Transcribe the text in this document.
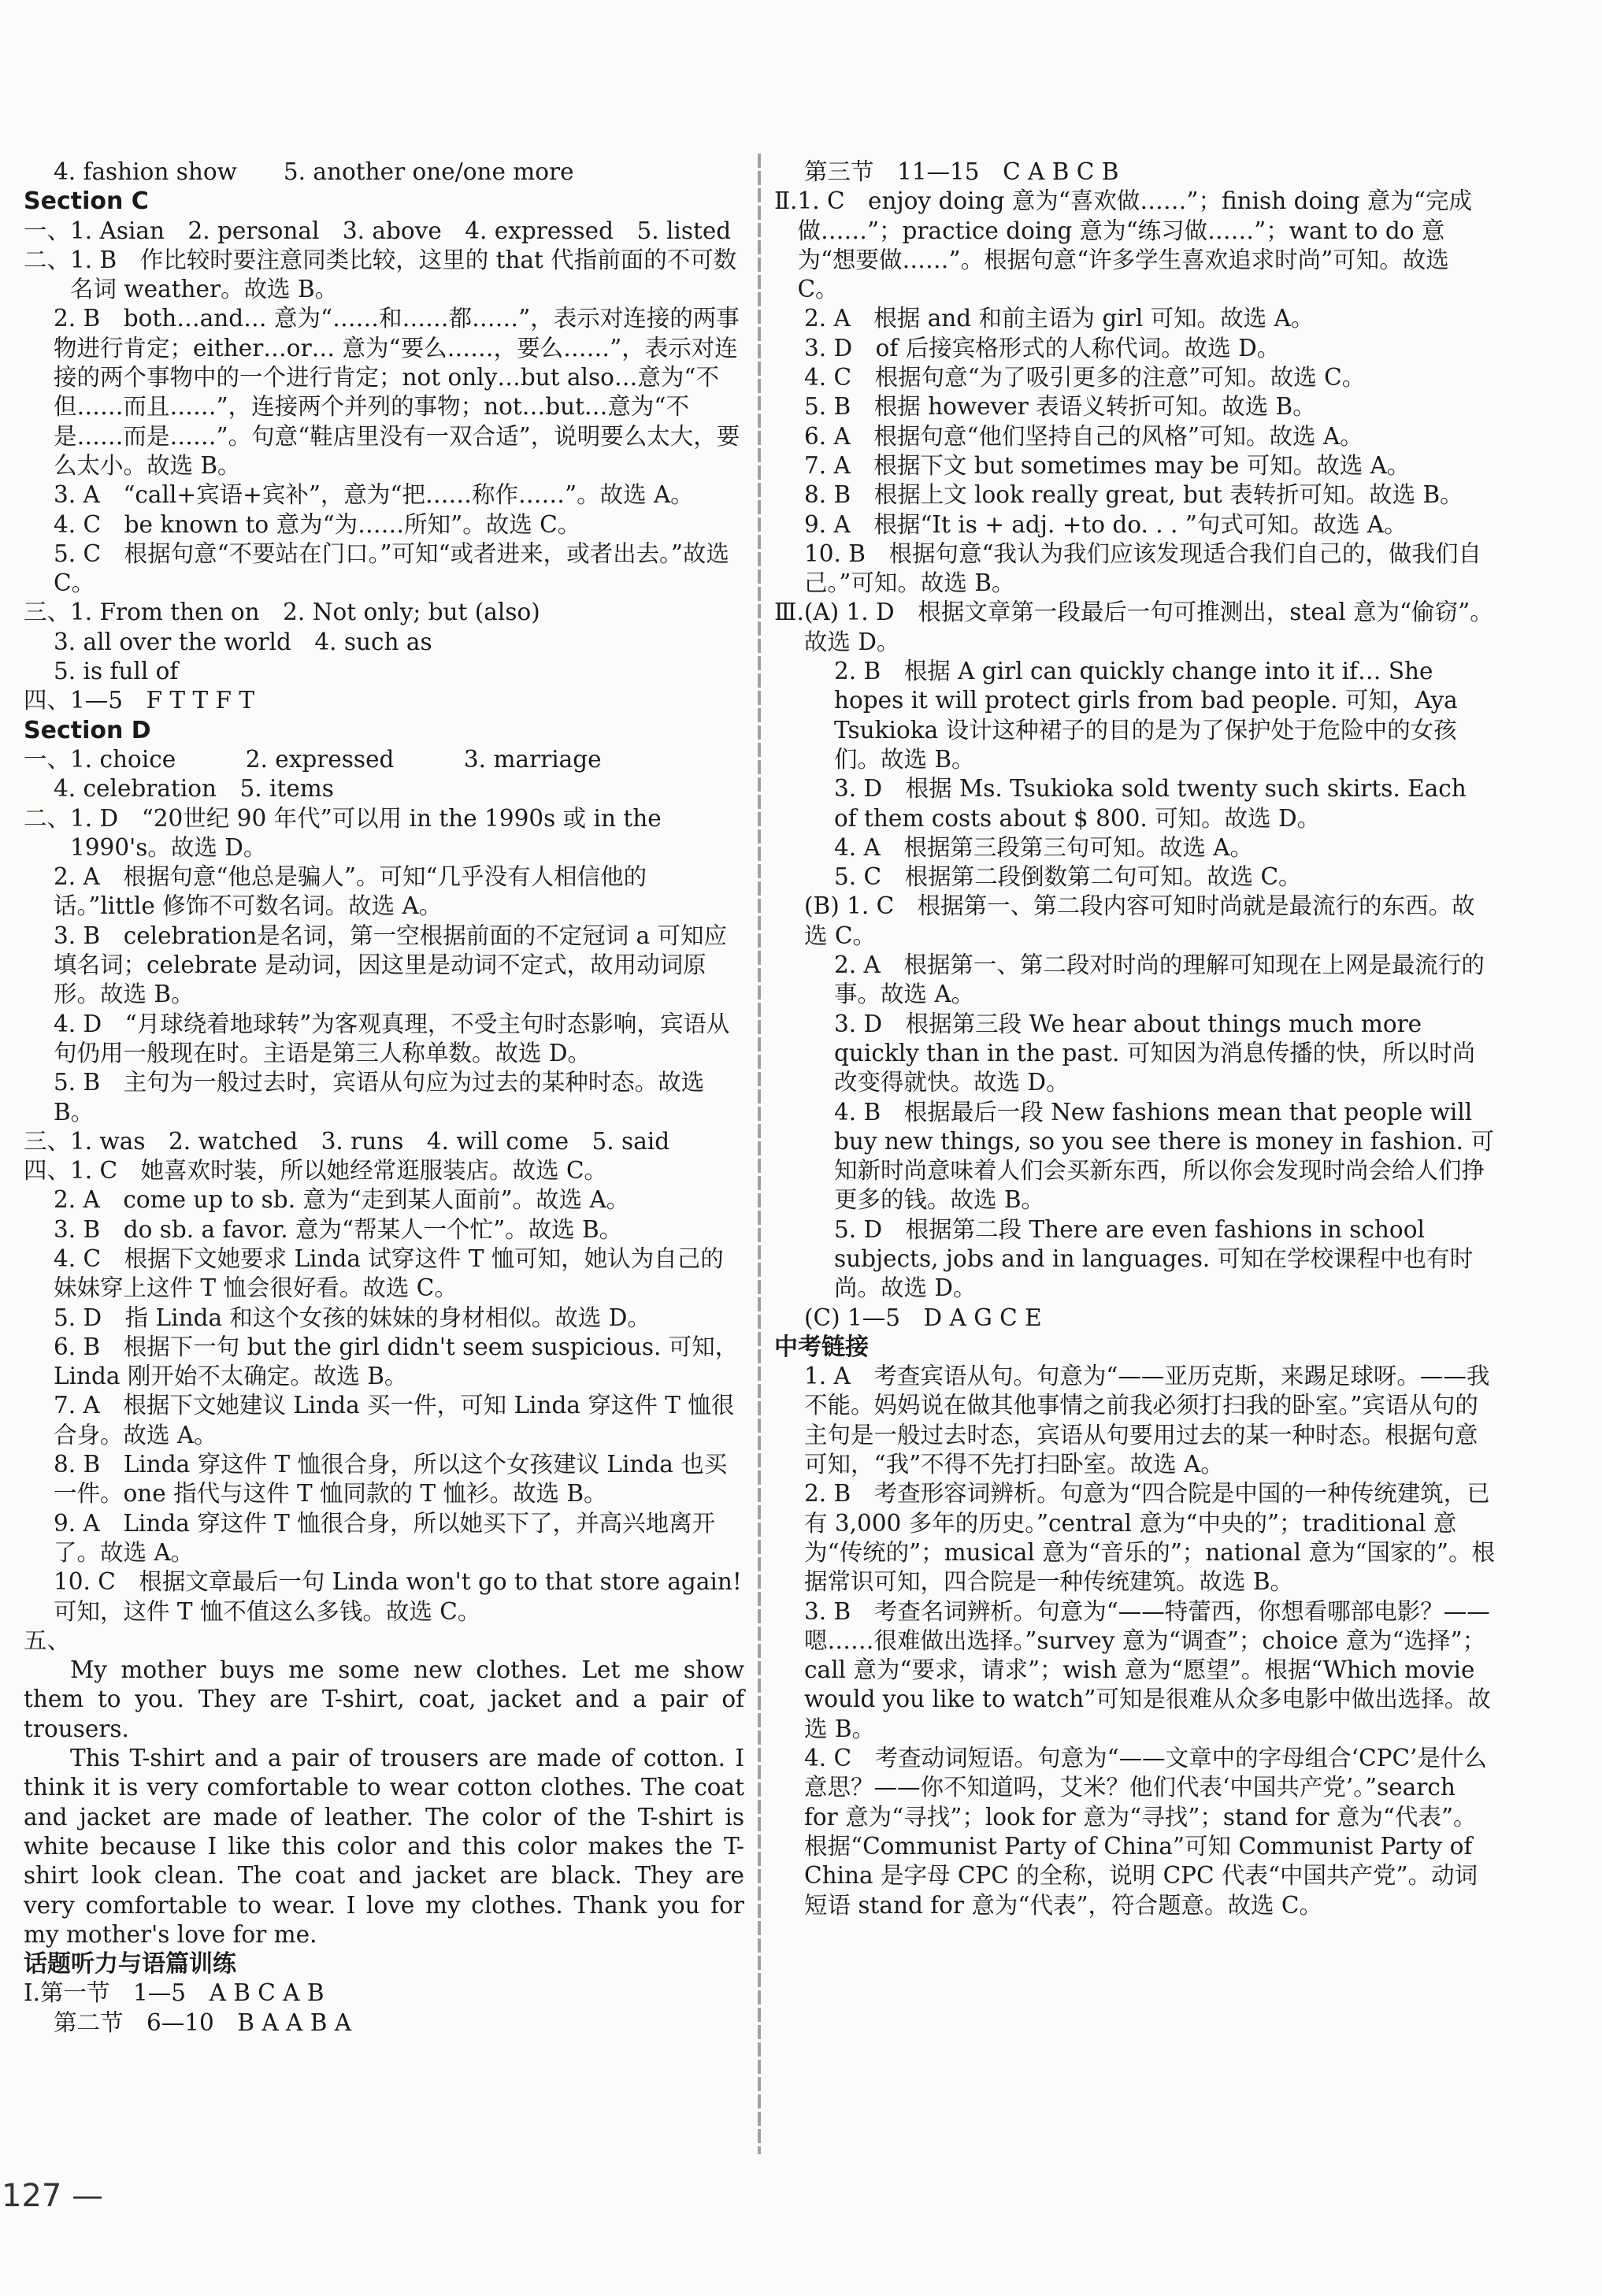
4. fashion show　　5. another one/one more
Section C
一、 1. Asian　2. personal　3. above　4. expressed　5. listed
二、 1. B　作比较时要注意同类比较，这里的 that 代指前面的不可数名词 weather。故选 B。
2. B　both…and… 意为“……和……都……”，表示对连接的两事物进行肯定；either…or… 意为“要么……，要么……”，表示对连接的两个事物中的一个进行肯定；not only…but also…意为“不但……而且……”，连接两个并列的事物；not…but…意为“不是……而是……”。句意“鞋店里没有一双合适”，说明要么太大，要么太小。故选 B。
3. A　“call+宾语+宾补”，意为“把……称作……”。故选 A。
4. C　be known to 意为“为……所知”。故选 C。
5. C　根据句意“不要站在门口。”可知“或者进来，或者出去。”故选 C。
三、 1. From then on　2. Not only; but (also)
3. all over the world　4. such as
5. is full of
四、 1—5　F T T F T
Section D
一、 1. choice　　　2. expressed　　　3. marriage
4. celebration　5. items
二、 1. D　“20世纪 90 年代”可以用 in the 1990s 或 in the 1990's。故选 D。
2. A　根据句意“他总是骗人”。可知“几乎没有人相信他的话。”little 修饰不可数名词。故选 A。
3. B　celebration是名词，第一空根据前面的不定冠词 a 可知应填名词；celebrate 是动词，因这里是动词不定式，故用动词原形。故选 B。
4. D　“月球绕着地球转”为客观真理，不受主句时态影响，宾语从句仍用一般现在时。主语是第三人称单数。故选 D。
5. B　主句为一般过去时，宾语从句应为过去的某种时态。故选 B。
三、 1. was　2. watched　3. runs　4. will come　5. said
四、 1. C　她喜欢时装，所以她经常逛服装店。故选 C。
2. A　come up to sb. 意为“走到某人面前”。故选 A。
3. B　do sb. a favor. 意为“帮某人一个忙”。故选 B。
4. C　根据下文她要求 Linda 试穿这件 T 恤可知，她认为自己的妹妹穿上这件 T 恤会很好看。故选 C。
5. D　指 Linda 和这个女孩的妹妹的身材相似。故选 D。
6. B　根据下一句 but the girl didn't seem suspicious. 可知，Linda 刚开始不太确定。故选 B。
7. A　根据下文她建议 Linda 买一件，可知 Linda 穿这件 T 恤很合身。故选 A。
8. B　Linda 穿这件 T 恤很合身，所以这个女孩建议 Linda 也买一件。one 指代与这件 T 恤同款的 T 恤衫。故选 B。
9. A　Linda 穿这件 T 恤很合身，所以她买下了，并高兴地离开了。故选 A。
10. C　根据文章最后一句 Linda won't go to that store again! 可知，这件 T 恤不值这么多钱。故选 C。
五、
My mother buys me some new clothes. Let me show them to you. They are T-shirt, coat, jacket and a pair of trousers.
This T-shirt and a pair of trousers are made of cotton. I think it is very comfortable to wear cotton clothes. The coat and jacket are made of leather. The color of the T-shirt is white because I like this color and this color makes the T-shirt look clean. The coat and jacket are black. They are very comfortable to wear. I love my clothes. Thank you for my mother's love for me.
话题听力与语篇训练
Ⅰ. 第一节　1—5　A B C A B
第二节　6—10　B A A B A
第三节　11—15　C A B C B
Ⅱ. 1. C　enjoy doing 意为“喜欢做……”；finish doing 意为“完成做……”；practice doing 意为“练习做……”；want to do 意为“想要做……”。根据句意“许多学生喜欢追求时尚”可知。故选 C。
2. A　根据 and 和前主语为 girl 可知。故选 A。
3. D　of 后接宾格形式的人称代词。故选 D。
4. C　根据句意“为了吸引更多的注意”可知。故选 C。
5. B　根据 however 表语义转折可知。故选 B。
6. A　根据句意“他们坚持自己的风格”可知。故选 A。
7. A　根据下文 but sometimes may be 可知。故选 A。
8. B　根据上文 look really great, but 表转折可知。故选 B。
9. A　根据“It is + adj. +to do. . . ”句式可知。故选 A。
10. B　根据句意“我认为我们应该发现适合我们自己的，做我们自己。”可知。故选 B。
Ⅲ. (A) 1. D　根据文章第一段最后一句可推测出，steal 意为“偷窃”。故选 D。
2. B　根据 A girl can quickly change into it if… She hopes it will protect girls from bad people. 可知，Aya Tsukioka 设计这种裙子的目的是为了保护处于危险中的女孩们。故选 B。
3. D　根据 Ms. Tsukioka sold twenty such skirts. Each of them costs about $ 800. 可知。故选 D。
4. A　根据第三段第三句可知。故选 A。
5. C　根据第二段倒数第二句可知。故选 C。
(B) 1. C　根据第一、第二段内容可知时尚就是最流行的东西。故选 C。
2. A　根据第一、第二段对时尚的理解可知现在上网是最流行的事。故选 A。
3. D　根据第三段 We hear about things much more quickly than in the past. 可知因为消息传播的快，所以时尚改变得就快。故选 D。
4. B　根据最后一段 New fashions mean that people will buy new things, so you see there is money in fashion. 可知新时尚意味着人们会买新东西，所以你会发现时尚会给人们挣更多的钱。故选 B。
5. D　根据第二段 There are even fashions in school subjects, jobs and in languages. 可知在学校课程中也有时尚。故选 D。
(C) 1—5　D A G C E
中考链接
1. A　考查宾语从句。句意为“——亚历克斯，来踢足球呀。——我不能。妈妈说在做其他事情之前我必须打扫我的卧室。”宾语从句的主句是一般过去时态，宾语从句要用过去的某一种时态。根据句意可知，“我”不得不先打扫卧室。故选 A。
2. B　考查形容词辨析。句意为“四合院是中国的一种传统建筑，已有 3,000 多年的历史。”central 意为“中央的”；traditional 意为“传统的”；musical 意为“音乐的”；national 意为“国家的”。根据常识可知，四合院是一种传统建筑。故选 B。
3. B　考查名词辨析。句意为“——特蕾西，你想看哪部电影？——嗯……很难做出选择。”survey 意为“调查”；choice 意为“选择”；call 意为“要求，请求”；wish 意为“愿望”。根据“Which movie would you like to watch”可知是很难从众多电影中做出选择。故选 B。
4. C　考查动词短语。句意为“——文章中的字母组合‘CPC’是什么意思？——你不知道吗，艾米？他们代表‘中国共产党’。”search for 意为“寻找”；look for 意为“寻找”；stand for 意为“代表”。根据“Communist Party of China”可知 Communist Party of China 是字母 CPC 的全称，说明 CPC 代表“中国共产党”。动词短语 stand for 意为“代表”，符合题意。故选 C。
127 —
